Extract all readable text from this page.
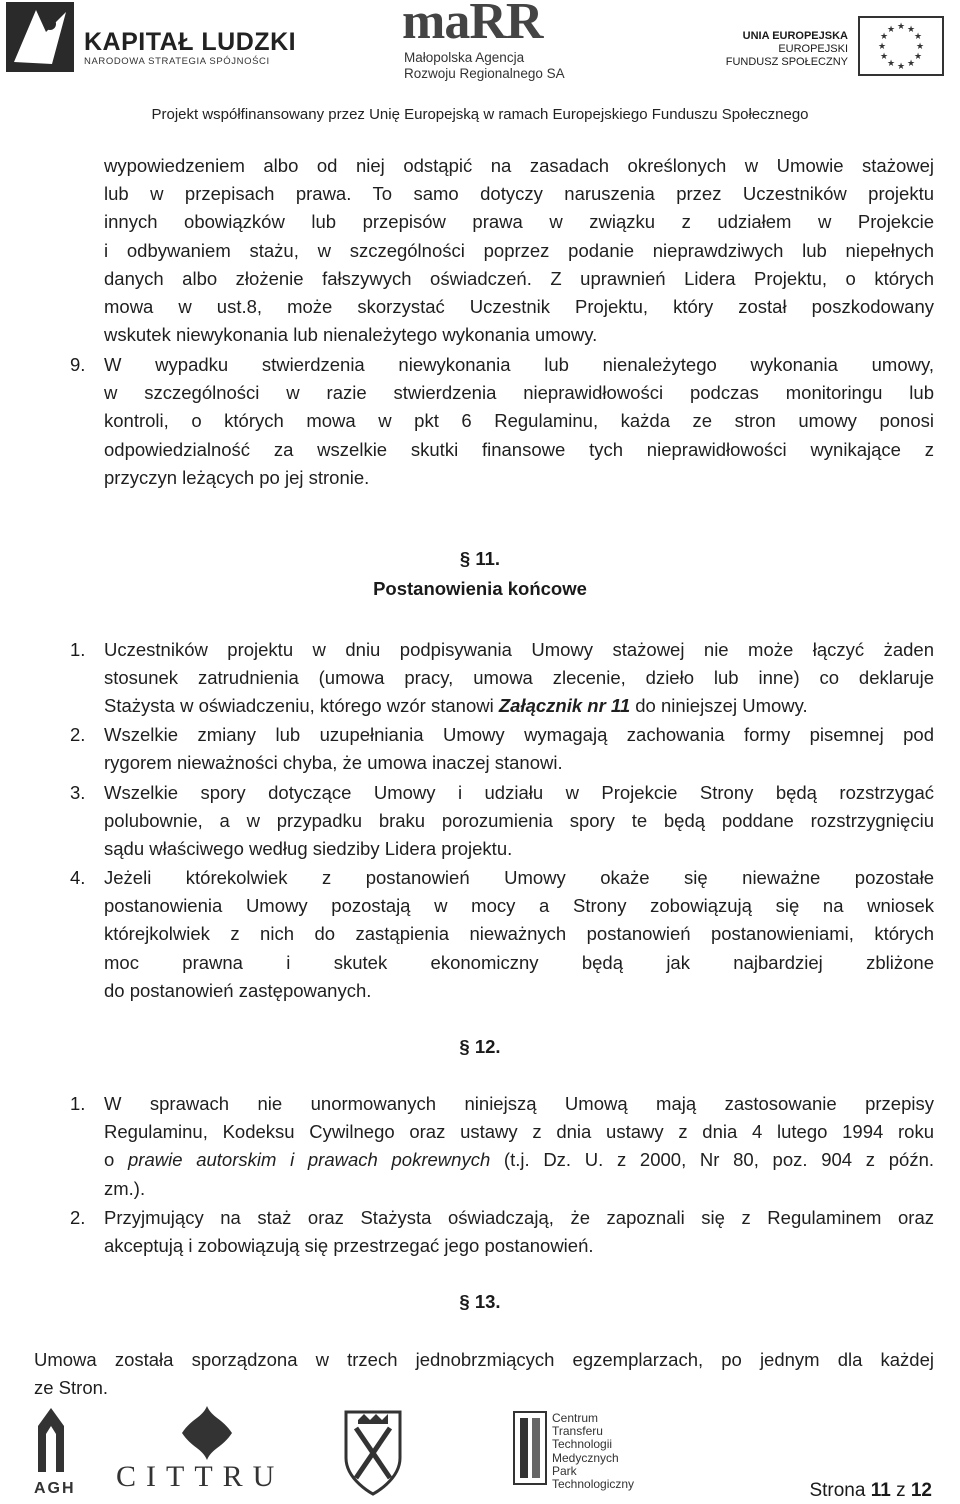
KAPITAŁ LUDZKI
NARODOWA STRATEGIA SPÓJNOŚCI
maRR
Małopolska Agencja
Rozwoju Regionalnego SA
UNIA EUROPEJSKA
EUROPEJSKI
FUNDUSZ SPOŁECZNY
★ ★
★
★
★
★
★
★
★
★
★
★
Projekt współfinansowany przez Unię Europejską w ramach Europejskiego Funduszu Społecznego
wypowiedzeniem albo od niej odstąpić na zasadach określonych w Umowie stażowej
lub w przepisach prawa. To samo dotyczy naruszenia przez Uczestników projektu
innych obowiązków lub przepisów prawa w związku z udziałem w Projekcie
i odbywaniem stażu, w szczególności poprzez podanie nieprawdziwych lub niepełnych
danych albo złożenie fałszywych oświadczeń. Z uprawnień Lidera Projektu, o których
mowa w ust.8, może skorzystać Uczestnik Projektu, który został poszkodowany
wskutek niewykonania lub nienależytego wykonania umowy.
9. W wypadku stwierdzenia niewykonania lub nienależytego wykonania umowy,
w szczególności w razie stwierdzenia nieprawidłowości podczas monitoringu lub
kontroli, o których mowa w pkt 6 Regulaminu, każda ze stron umowy ponosi
odpowiedzialność za wszelkie skutki finansowe tych nieprawidłowości wynikające z
przyczyn leżących po jej stronie.
§ 11.
Postanowienia końcowe
1. Uczestników projektu w dniu podpisywania Umowy stażowej nie może łączyć żaden
stosunek zatrudnienia (umowa pracy, umowa zlecenie, dzieło lub inne) co deklaruje
Stażysta w oświadczeniu, którego wzór stanowi Załącznik nr 11 do niniejszej Umowy.
2. Wszelkie zmiany lub uzupełniania Umowy wymagają zachowania formy pisemnej pod
rygorem nieważności chyba, że umowa inaczej stanowi.
3. Wszelkie spory dotyczące Umowy i udziału w Projekcie Strony będą rozstrzygać
polubownie, a w przypadku braku porozumienia spory te będą poddane rozstrzygnięciu
sądu właściwego według siedziby Lidera projektu.
4. Jeżeli którekolwiek z postanowień Umowy okaże się nieważne pozostałe
postanowienia Umowy pozostają w mocy a Strony zobowiązują się na wniosek
którejkolwiek z nich do zastąpienia nieważnych postanowień postanowieniami, których
moc prawna i skutek ekonomiczny będą jak najbardziej zbliżone
do postanowień zastępowanych.
§ 12.
1. W sprawach nie unormowanych niniejszą Umową mają zastosowanie przepisy
Regulaminu, Kodeksu Cywilnego oraz ustawy z dnia ustawy z dnia 4 lutego 1994 roku
o prawie autorskim i prawach pokrewnych (t.j. Dz. U. z 2000, Nr 80, poz. 904 z późn.
zm.).
2. Przyjmujący na staż oraz Stażysta oświadczają, że zapoznali się z Regulaminem oraz
akceptują i zobowiązują się przestrzegać jego postanowień.
§ 13.
Umowa została sporządzona w trzech jednobrzmiących egzemplarzach, po jednym dla każdej
ze Stron.
AGH CITTRU
Centrum
Transferu
Technologii
Medycznych
Park
Technologiczny	Strona 11 z 12
